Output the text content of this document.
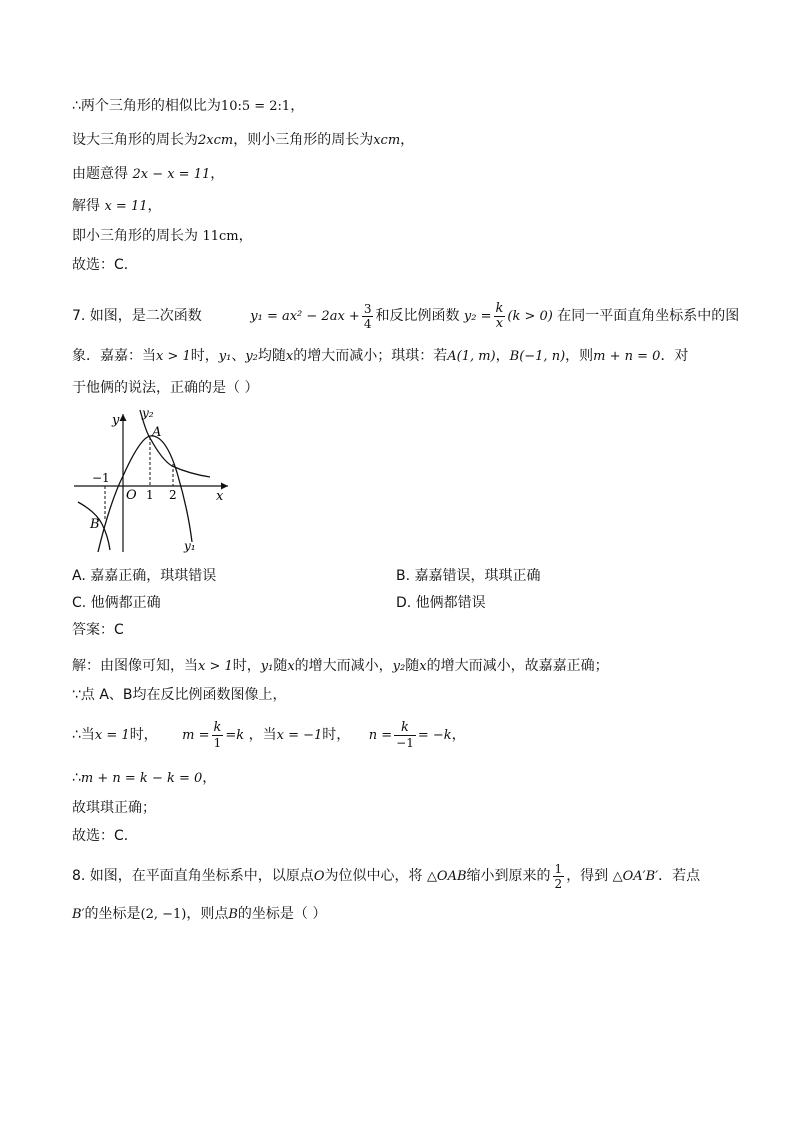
∴两个三角形的相似比为10:5 = 2:1，
设大三角形的周长为2xcm，则小三角形的周长为xcm，
由题意得 2x − x = 11，
解得 x = 11，
即小三角形的周长为 11cm，
故选：C．
7. 如图，是二次函数	$y_1 = ax^2 - 2ax + \frac{3}{4}$ 和反比例函数 $y_2 = \frac{k}{x} (k > 0)$ 在同一平面直角坐标系中的图
象．嘉嘉：当x > 1时，y₁、y₂均随x的增大而减小；琪琪：若A(1, m)，B(−1, n)，则m + n = 0．对
于他俩的说法，正确的是（ ）
y y₂
A
−1
O 1 2	x
B
y₁
A. 嘉嘉正确，琪琪错误	B. 嘉嘉错误，琪琪正确
C. 他俩都正确	D. 他俩都错误
答案：C
解：由图像可知，当x > 1时，y₁随x的增大而减小，y₂随x的增大而减小，故嘉嘉正确；
∵点 A、B均在反比例函数图像上，
∴当x = 1时， $m = \frac{k}{1} =k$ ，当x = −1时， $n = \frac{k}{-1} = -k$，
∴m + n = k − k = 0，
故琪琪正确；
故选：C．
8. 如图，在平面直角坐标系中，以原点O为位似中心，将 △OAB缩小到原来的 $\frac{1}{2}$ ，得到 △OA′B′．若点
B′的坐标是(2, −1)，则点B的坐标是（ ）
